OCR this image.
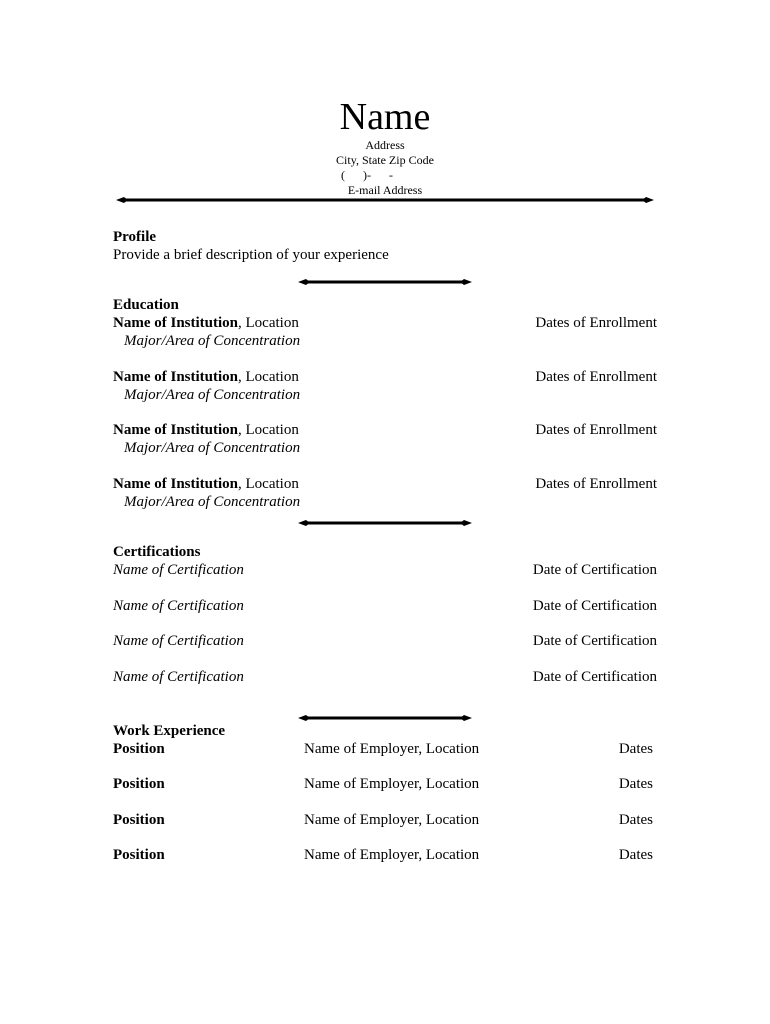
Name
Address
City, State Zip Code
(      )-      -
E-mail Address
Profile
Provide a brief description of your experience
Education
Name of Institution, Location	Dates of Enrollment
Major/Area of Concentration
Name of Institution, Location	Dates of Enrollment
Major/Area of Concentration
Name of Institution, Location	Dates of Enrollment
Major/Area of Concentration
Name of Institution, Location	Dates of Enrollment
Major/Area of Concentration
Certifications
Name of Certification	Date of Certification
Name of Certification	Date of Certification
Name of Certification	Date of Certification
Name of Certification	Date of Certification
Work Experience
Position	Name of Employer, Location	Dates
Position	Name of Employer, Location	Dates
Position	Name of Employer, Location	Dates
Position	Name of Employer, Location	Dates
